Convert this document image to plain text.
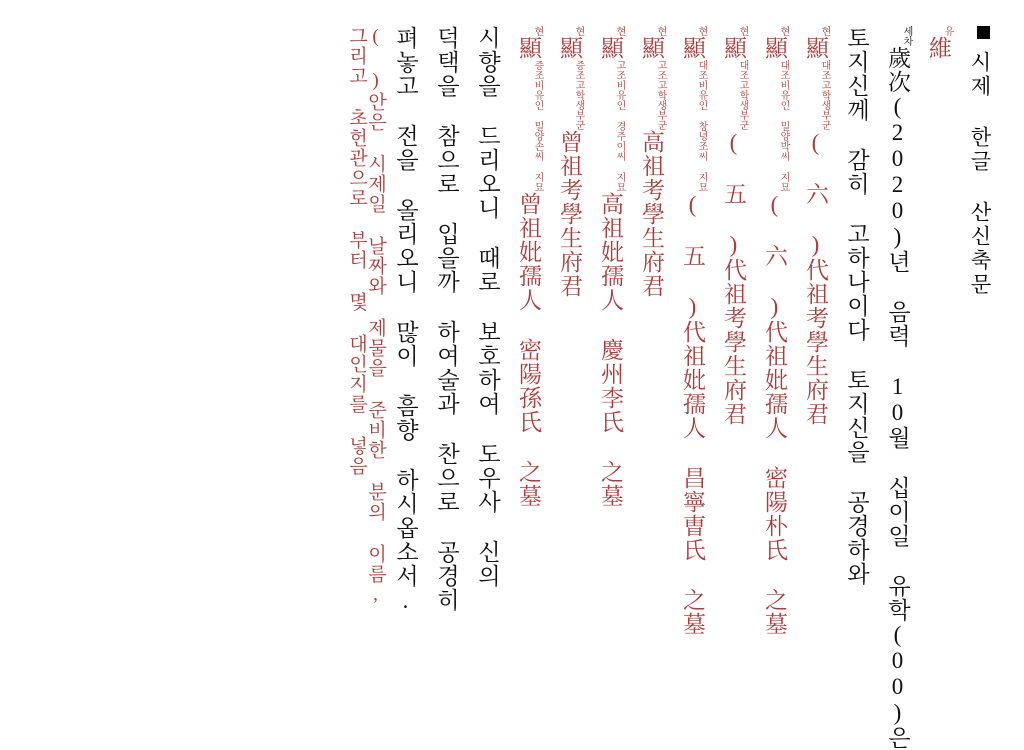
시제 한글 산신축문
維
유
歲次(2020)년 음력 10월 십이일 유학(00)은
세차
토지신께 감히 고하나이다 토지신을 공경하와
顯
현
( 六 )代祖考學生府君
대조고학생부군
顯
현
( 六 )代祖妣孺人 密陽朴氏 之墓
대조비유인 밀양박씨 지묘
顯
현
( 五 )代祖考學生府君
대조고학생부군
顯
현
( 五 )代祖妣孺人 昌寧曺氏 之墓
대조비유인 창녕조씨 지묘
顯
현
高祖考學生府君
고조고학생부군
顯
현
高祖妣孺人 慶州李氏 之墓
고조비유인 경주이씨 지묘
顯
현
曾祖考學生府君
증조고학생부군
顯
현
曾祖妣孺人 密陽孫氏 之墓
증조비유인 밀양손씨 지묘
시향을 드리오니 때로 보호하여 도우사 신의
덕택을 참으로 입을까 하여술과 찬으로 공경히
펴놓고 전을 올리오니 많이 흠향 하시옵소서.
( )안은 시제일 날짜와 제물을 준비한 분의 이름,
그리고 초헌관으로 부터 몇 대인지를 넣음
